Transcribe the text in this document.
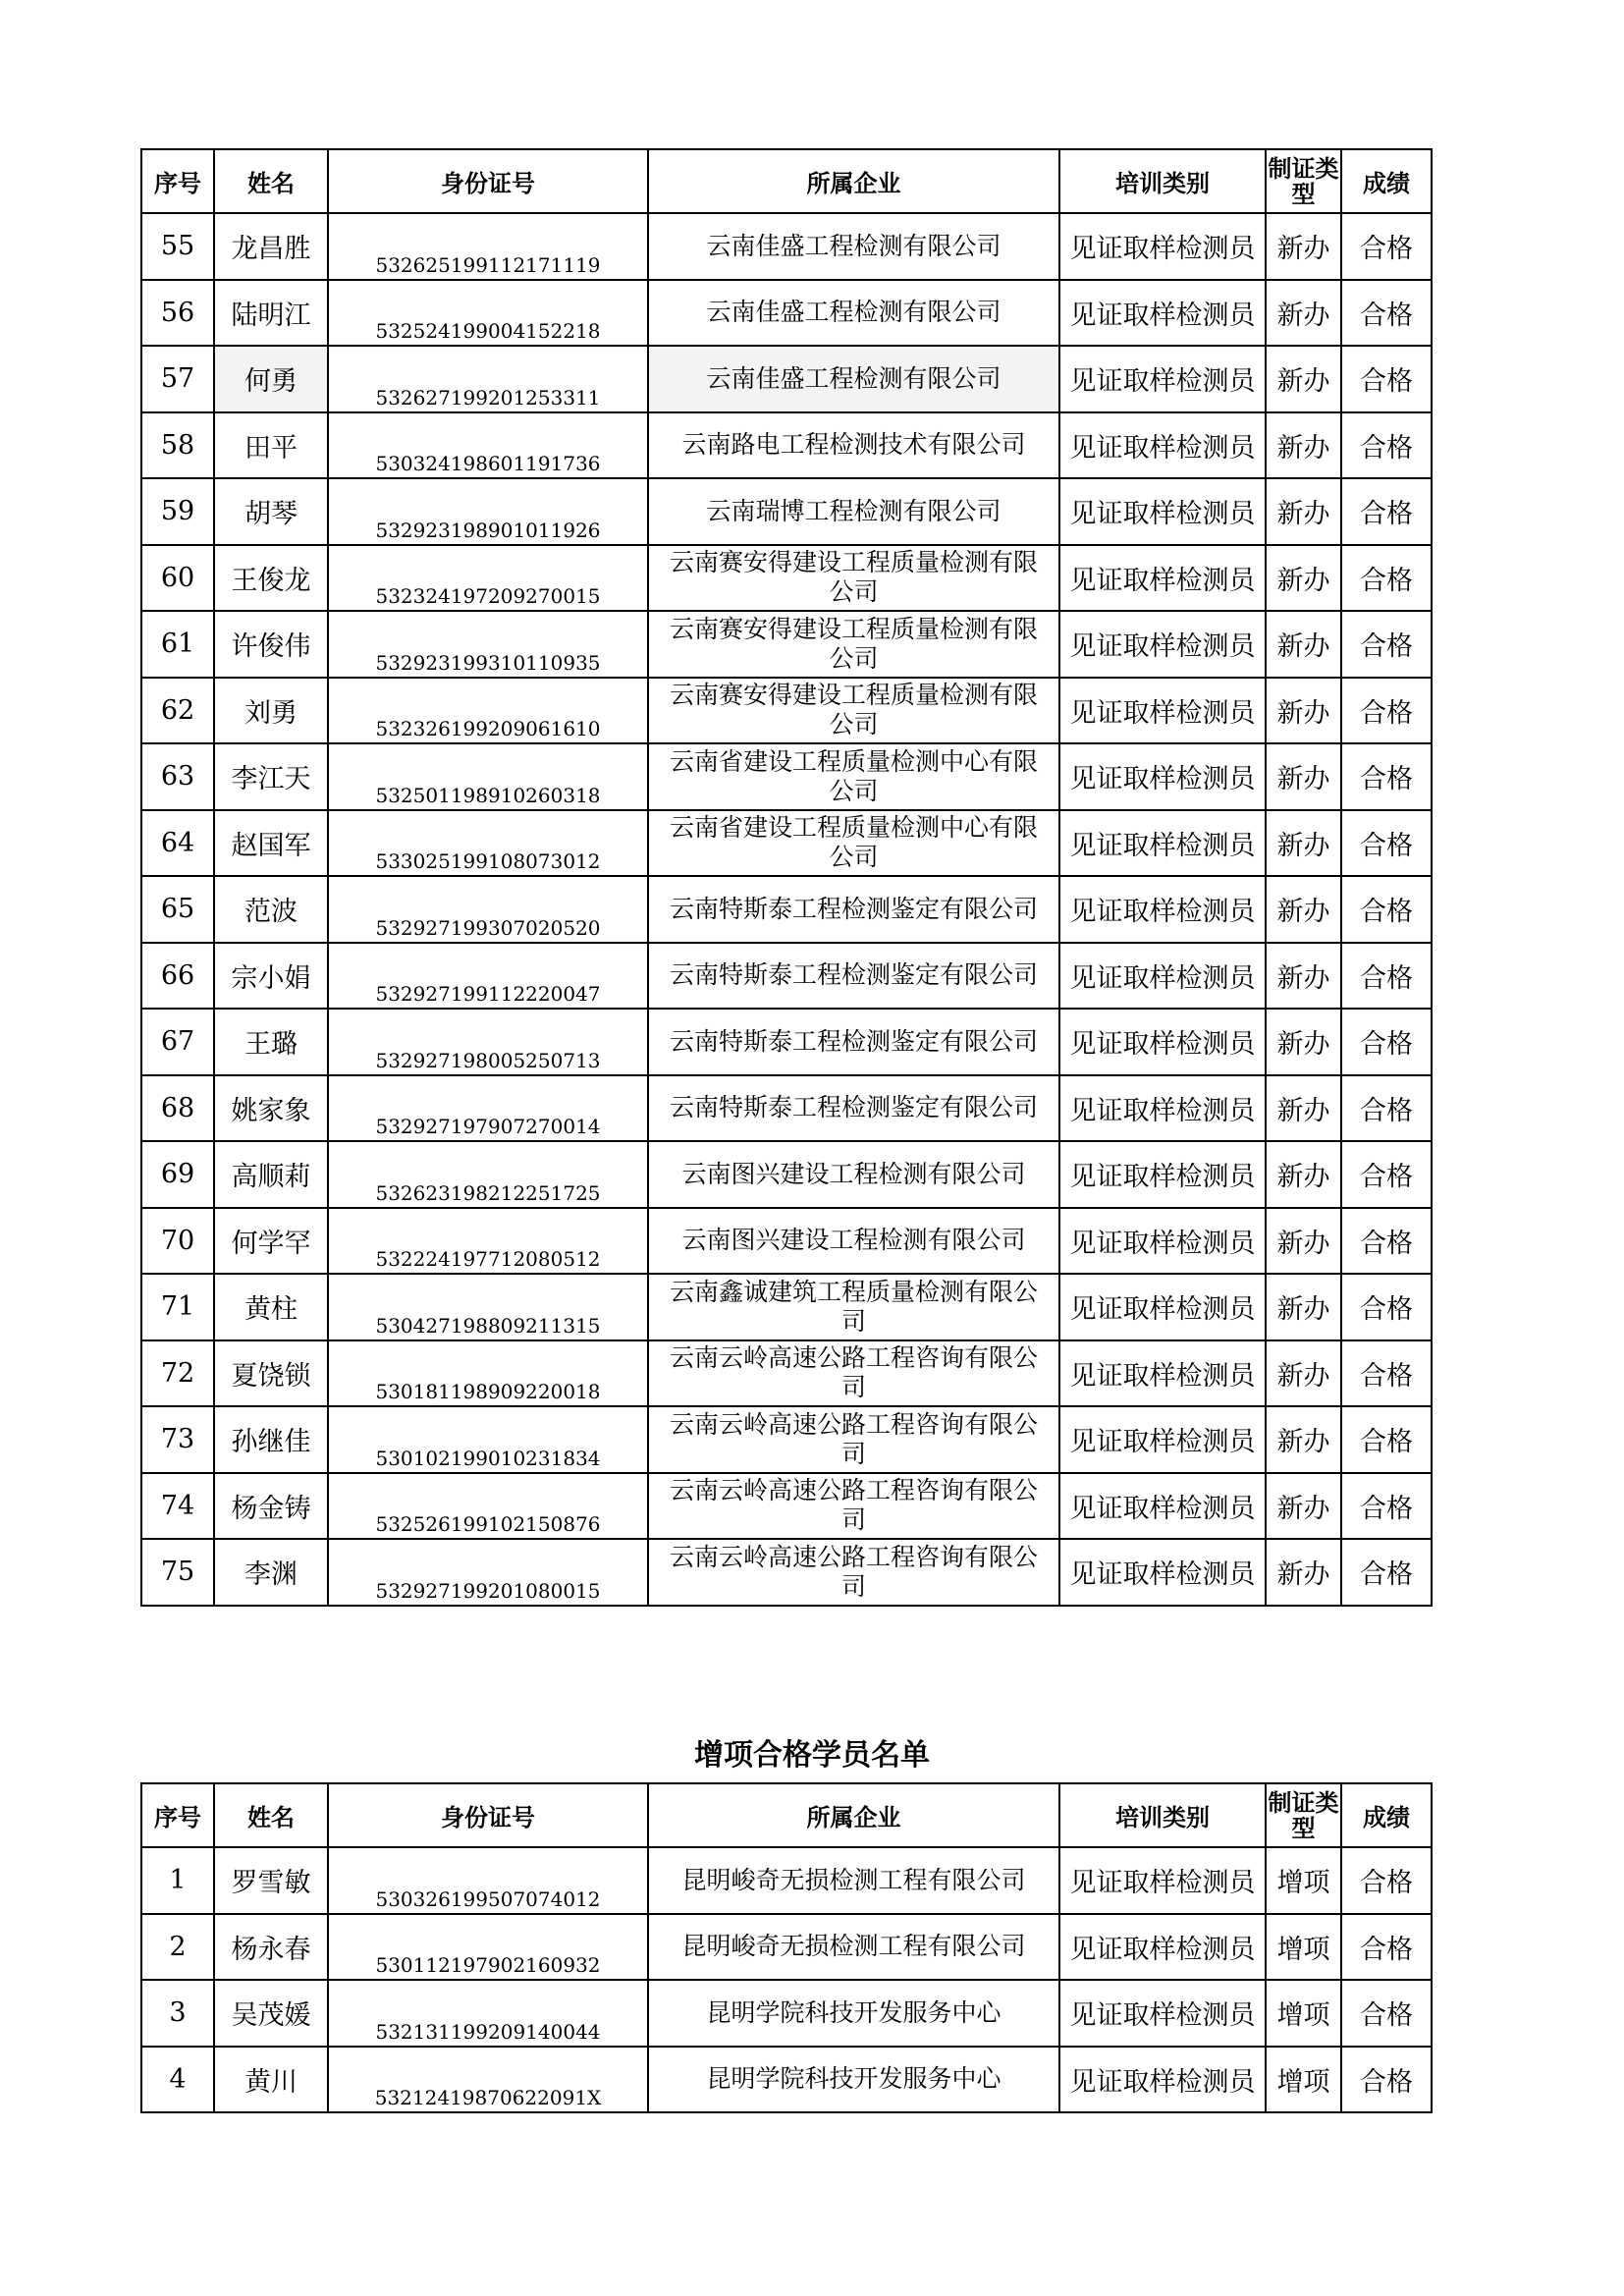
序号	姓名	身份证号	所属企业	培训类别	制证类型	成绩
55	龙昌胜	532625199112171119	云南佳盛工程检测有限公司	见证取样检测员	新办	合格
56	陆明江	532524199004152218	云南佳盛工程检测有限公司	见证取样检测员	新办	合格
57	何勇	532627199201253311	云南佳盛工程检测有限公司	见证取样检测员	新办	合格
58	田平	530324198601191736	云南路电工程检测技术有限公司	见证取样检测员	新办	合格
59	胡琴	532923198901011926	云南瑞博工程检测有限公司	见证取样检测员	新办	合格
60	王俊龙	532324197209270015	云南赛安得建设工程质量检测有限公司	见证取样检测员	新办	合格
61	许俊伟	532923199310110935	云南赛安得建设工程质量检测有限公司	见证取样检测员	新办	合格
62	刘勇	532326199209061610	云南赛安得建设工程质量检测有限公司	见证取样检测员	新办	合格
63	李江天	532501198910260318	云南省建设工程质量检测中心有限公司	见证取样检测员	新办	合格
64	赵国军	533025199108073012	云南省建设工程质量检测中心有限公司	见证取样检测员	新办	合格
65	范波	532927199307020520	云南特斯泰工程检测鉴定有限公司	见证取样检测员	新办	合格
66	宗小娟	532927199112220047	云南特斯泰工程检测鉴定有限公司	见证取样检测员	新办	合格
67	王璐	532927198005250713	云南特斯泰工程检测鉴定有限公司	见证取样检测员	新办	合格
68	姚家象	532927197907270014	云南特斯泰工程检测鉴定有限公司	见证取样检测员	新办	合格
69	高顺莉	532623198212251725	云南图兴建设工程检测有限公司	见证取样检测员	新办	合格
70	何学罕	532224197712080512	云南图兴建设工程检测有限公司	见证取样检测员	新办	合格
71	黄柱	530427198809211315	云南鑫诚建筑工程质量检测有限公司	见证取样检测员	新办	合格
72	夏饶锁	530181198909220018	云南云岭高速公路工程咨询有限公司	见证取样检测员	新办	合格
73	孙继佳	530102199010231834	云南云岭高速公路工程咨询有限公司	见证取样检测员	新办	合格
74	杨金铸	532526199102150876	云南云岭高速公路工程咨询有限公司	见证取样检测员	新办	合格
75	李渊	532927199201080015	云南云岭高速公路工程咨询有限公司	见证取样检测员	新办	合格
增项合格学员名单
序号	姓名	身份证号	所属企业	培训类别	制证类型	成绩
1	罗雪敏	530326199507074012	昆明峻奇无损检测工程有限公司	见证取样检测员	增项	合格
2	杨永春	530112197902160932	昆明峻奇无损检测工程有限公司	见证取样检测员	增项	合格
3	吴茂媛	532131199209140044	昆明学院科技开发服务中心	见证取样检测员	增项	合格
4	黄川	53212419870622091X	昆明学院科技开发服务中心	见证取样检测员	增项	合格
